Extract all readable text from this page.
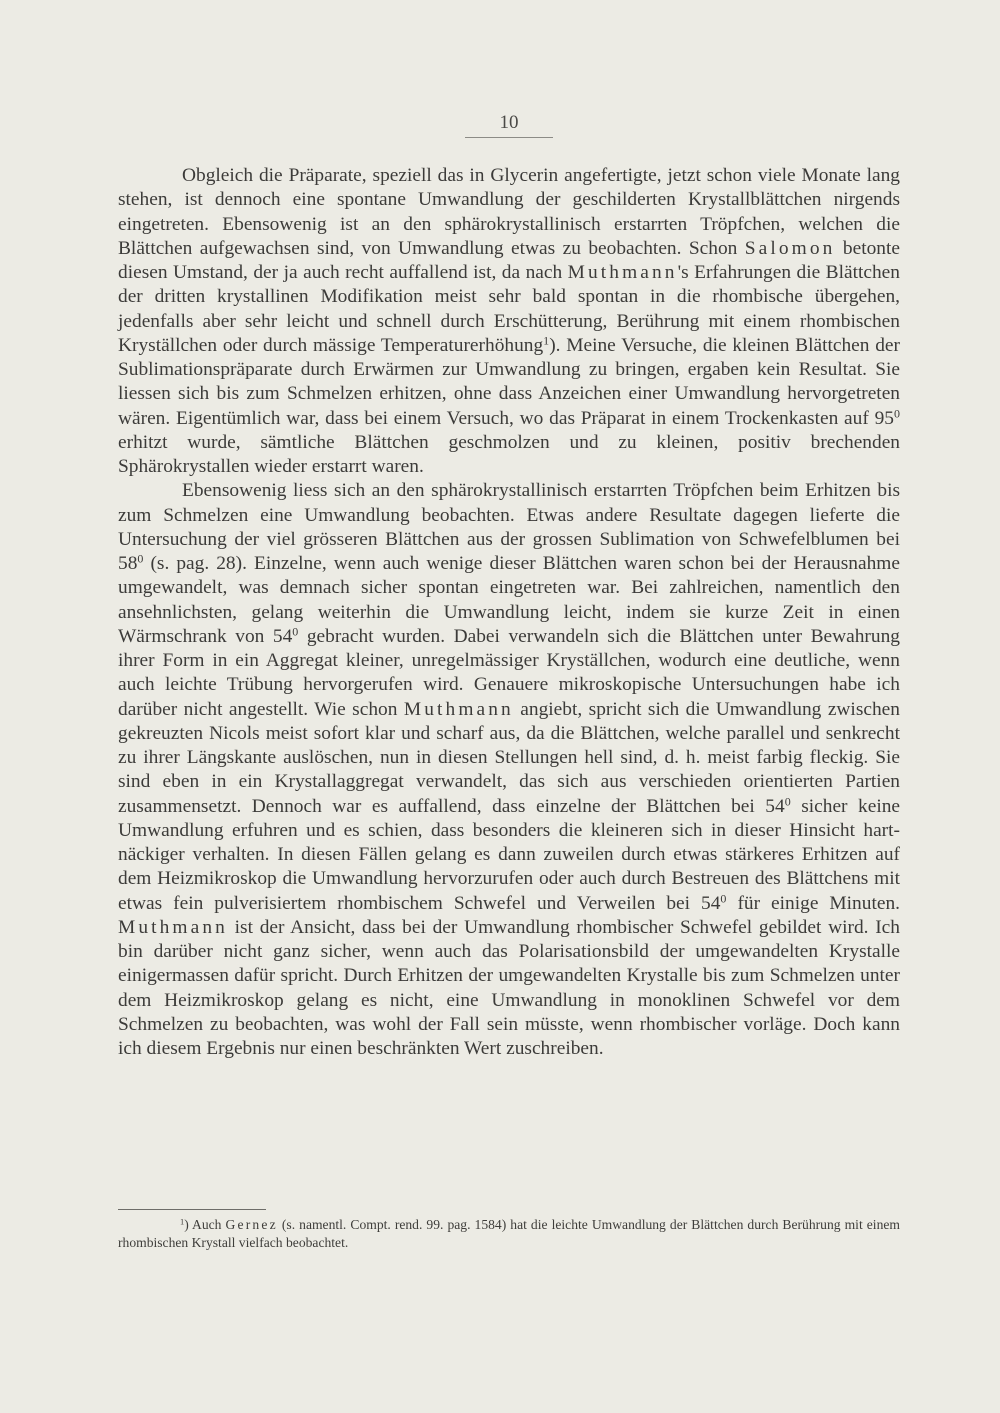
10

Obgleich die Präparate, speziell das in Glycerin angefertigte, jetzt schon viele Monate lang stehen, ist dennoch eine spontane Umwandlung der geschilderten Krystallblättchen nirgends eingetreten. Ebensowenig ist an den sphärokrystallinisch erstarrten Tröpfchen, welchen die Blättchen aufgewachsen sind, von Umwandlung etwas zu beobachten. Schon Salomon betonte diesen Umstand, der ja auch recht auffallend ist, da nach Muthmann's Erfahrungen die Blättchen der dritten krystallinen Modifikation meist sehr bald spontan in die rhombische übergehen, jedenfalls aber sehr leicht und schnell durch Erschütterung, Berührung mit einem rhombischen Kryställchen oder durch mässige Temperaturerhöhung$^1$). Meine Versuche, die kleinen Blättchen der Sublimationspräparate durch Erwärmen zur Umwandlung zu bringen, ergaben kein Resultat. Sie liessen sich bis zum Schmelzen erhitzen, ohne dass Anzeichen einer Umwandlung hervorgetreten wären. Eigentümlich war, dass bei einem Versuch, wo das Präparat in einem Trockenkasten auf $95^0$ erhitzt wurde, sämtliche Blättchen geschmolzen und zu kleinen, positiv brechenden Sphärokrystallen wieder erstarrt waren.

Ebensowenig liess sich an den sphärokrystallinisch erstarrten Tröpfchen beim Erhitzen bis zum Schmelzen eine Umwandlung beobachten. Etwas andere Resultate dagegen lieferte die Untersuchung der viel grösseren Blättchen aus der grossen Sublimation von Schwefelblumen bei $58^0$ (s. pag. 28). Einzelne, wenn auch wenige dieser Blättchen waren schon bei der Herausnahme umgewandelt, was demnach sicher spontan eingetreten war. Bei zahlreichen, namentlich den ansehnlichsten, gelang weiterhin die Umwandlung leicht, indem sie kurze Zeit in einen Wärmschrank von $54^0$ gebracht wurden. Dabei verwandeln sich die Blättchen unter Bewahrung ihrer Form in ein Aggregat kleiner, unregelmässiger Kryställchen, wodurch eine deutliche, wenn auch leichte Trübung hervorgerufen wird. Genauere mikroskopische Untersuchungen habe ich darüber nicht angestellt. Wie schon Muthmann angiebt, spricht sich die Umwandlung zwischen gekreuzten Nicols meist sofort klar und scharf aus, da die Blättchen, welche parallel und senkrecht zu ihrer Längskante auslöschen, nun in diesen Stellungen hell sind, d. h. meist farbig fleckig. Sie sind eben in ein Krystallaggregat verwandelt, das sich aus verschieden orientierten Partien zusammensetzt. Dennoch war es auffallend, dass einzelne der Blättchen bei $54^0$ sicher keine Umwandlung erfuhren und es schien, dass besonders die kleineren sich in dieser Hinsicht hartnäckiger verhalten. In diesen Fällen gelang es dann zuweilen durch etwas stärkeres Erhitzen auf dem Heizmikroskop die Umwandlung hervorzurufen oder auch durch Bestreuen des Blättchens mit etwas fein pulverisiertem rhombischem Schwefel und Verweilen bei $54^0$ für einige Minuten. Muthmann ist der Ansicht, dass bei der Umwandlung rhombischer Schwefel gebildet wird. Ich bin darüber nicht ganz sicher, wenn auch das Polarisationsbild der umgewandelten Krystalle einigermassen dafür spricht. Durch Erhitzen der umgewandelten Krystalle bis zum Schmelzen unter dem Heizmikroskop gelang es nicht, eine Umwandlung in monoklinen Schwefel vor dem Schmelzen zu beobachten, was wohl der Fall sein müsste, wenn rhombischer vorläge. Doch kann ich diesem Ergebnis nur einen beschränkten Wert zuschreiben.

$^1$) Auch Gernez (s. namentl. Compt. rend. 99. pag. 1584) hat die leichte Umwandlung der Blättchen durch Berührung mit einem rhombischen Krystall vielfach beobachtet.
